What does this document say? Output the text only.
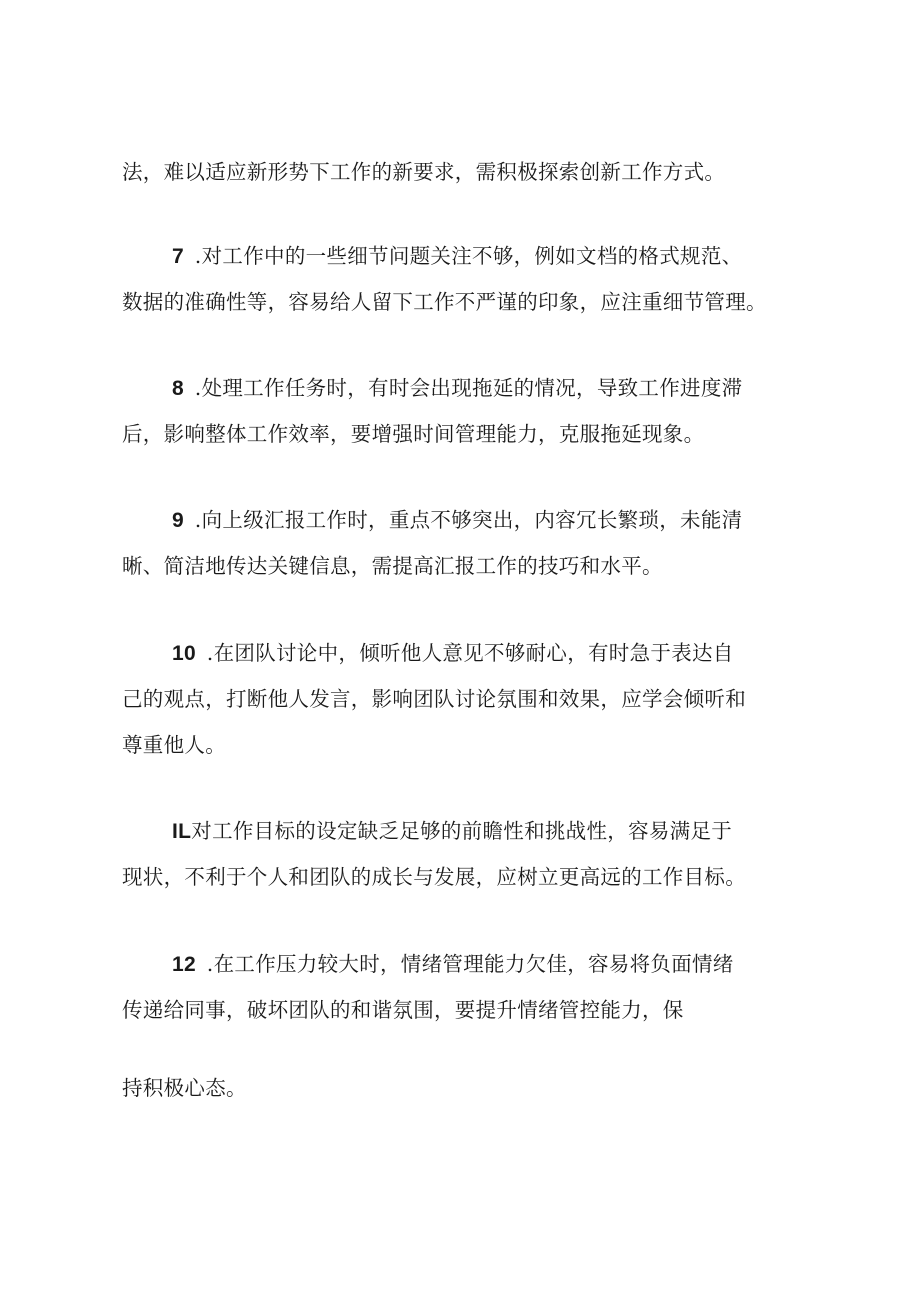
法，难以适应新形势下工作的新要求，需积极探索创新工作方式。
7 .对工作中的一些细节问题关注不够，例如文档的格式规范、
数据的准确性等，容易给人留下工作不严谨的印象，应注重细节管理。
8 .处理工作任务时，有时会出现拖延的情况，导致工作进度滞
后，影响整体工作效率，要增强时间管理能力，克服拖延现象。
9 .向上级汇报工作时，重点不够突出，内容冗长繁琐，未能清
晰、简洁地传达关键信息，需提高汇报工作的技巧和水平。
10 .在团队讨论中，倾听他人意见不够耐心，有时急于表达自
己的观点，打断他人发言，影响团队讨论氛围和效果，应学会倾听和
尊重他人。
IL对工作目标的设定缺乏足够的前瞻性和挑战性，容易满足于
现状，不利于个人和团队的成长与发展，应树立更高远的工作目标。
12 .在工作压力较大时，情绪管理能力欠佳，容易将负面情绪
传递给同事，破坏团队的和谐氛围，要提升情绪管控能力，保
持积极心态。
